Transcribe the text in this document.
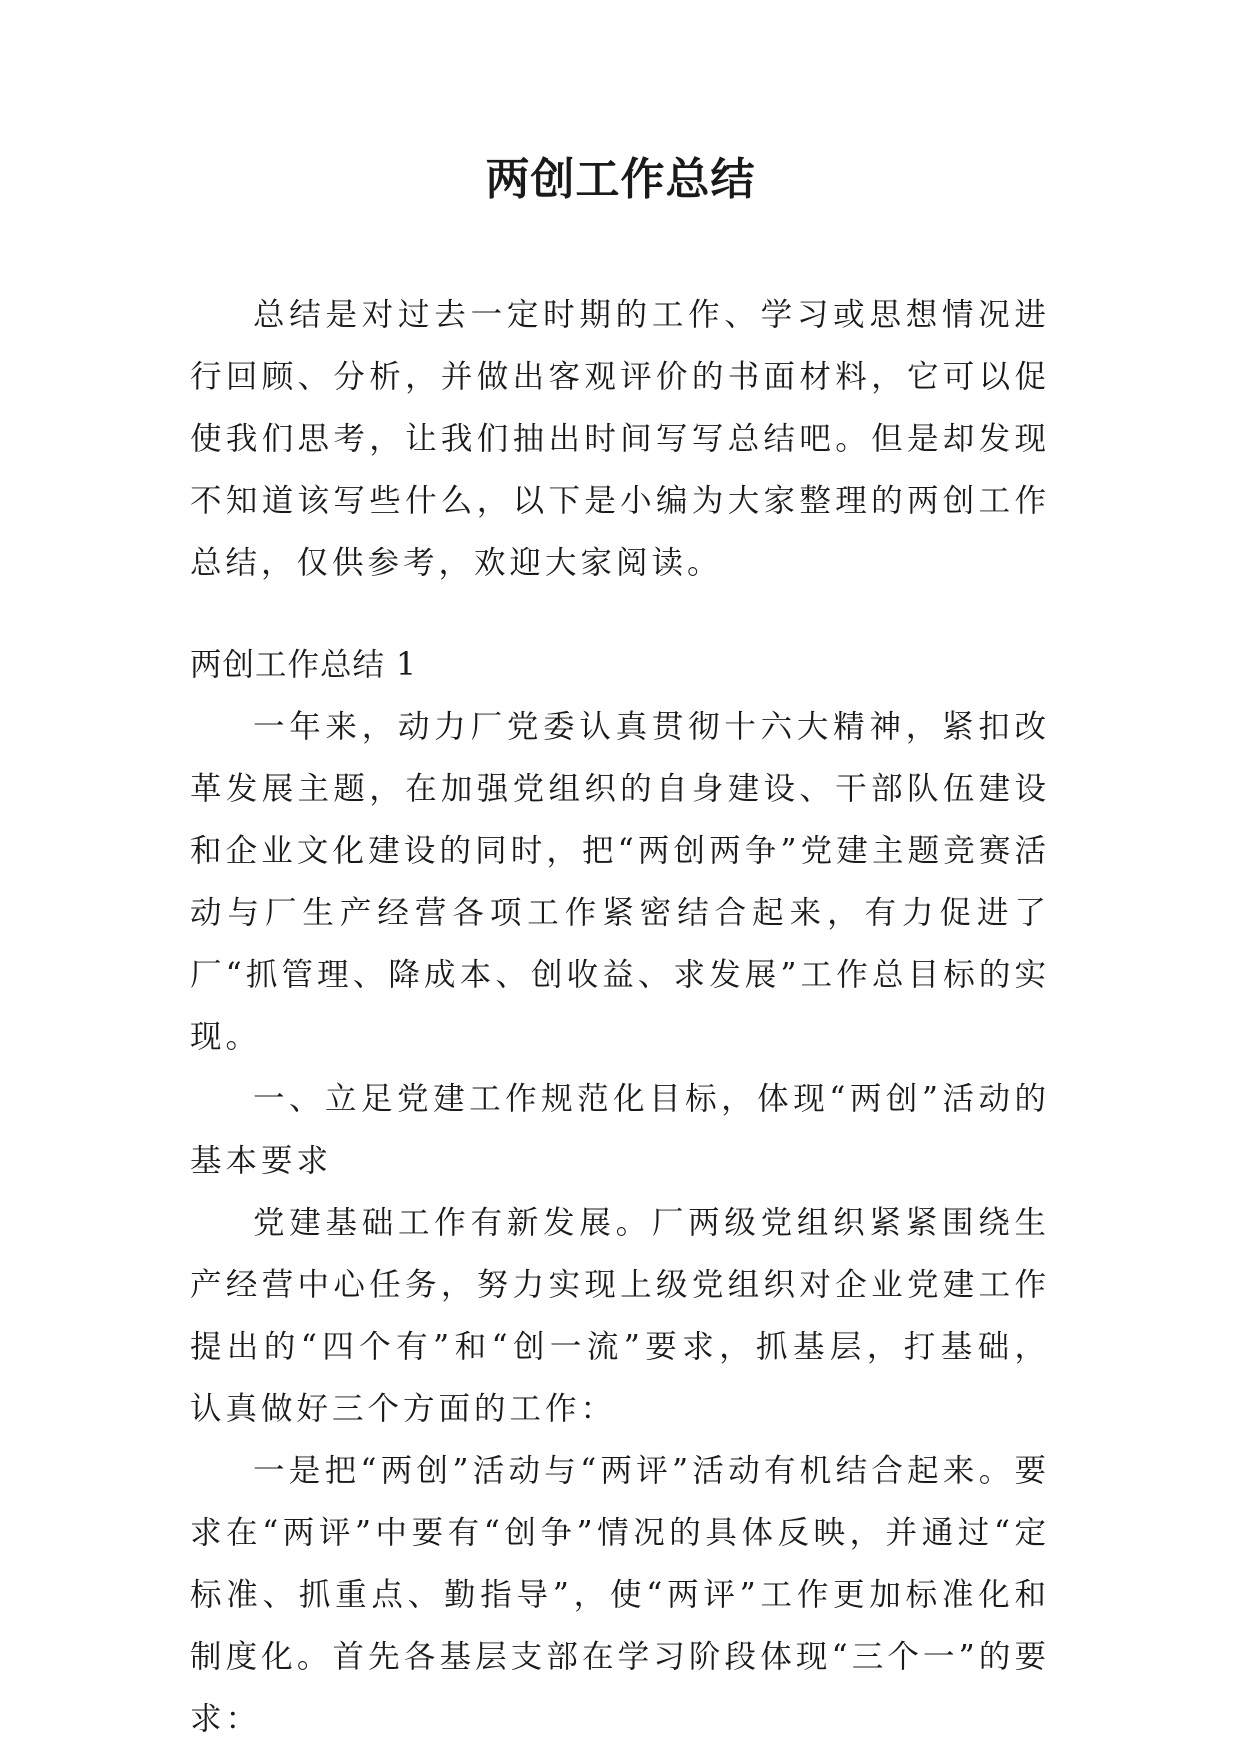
两创工作总结

总结是对过去一定时期的工作、学习或思想情况进行回顾、分析，并做出客观评价的书面材料，它可以促使我们思考，让我们抽出时间写写总结吧。但是却发现不知道该写些什么，以下是小编为大家整理的两创工作总结，仅供参考，欢迎大家阅读。

两创工作总结 1

一年来，动力厂党委认真贯彻十六大精神，紧扣改革发展主题，在加强党组织的自身建设、干部队伍建设和企业文化建设的同时，把“两创两争”党建主题竞赛活动与厂生产经营各项工作紧密结合起来，有力促进了厂“抓管理、降成本、创收益、求发展”工作总目标的实现。

一、立足党建工作规范化目标，体现“两创”活动的基本要求

党建基础工作有新发展。厂两级党组织紧紧围绕生产经营中心任务，努力实现上级党组织对企业党建工作提出的“四个有”和“创一流”要求，抓基层，打基础，认真做好三个方面的工作：

一是把“两创”活动与“两评”活动有机结合起来。要求在“两评”中要有“创争”情况的具体反映，并通过“定标准、抓重点、勤指导”，使“两评”工作更加标准化和制度化。首先各基层支部在学习阶段体现“三个一”的要求：
